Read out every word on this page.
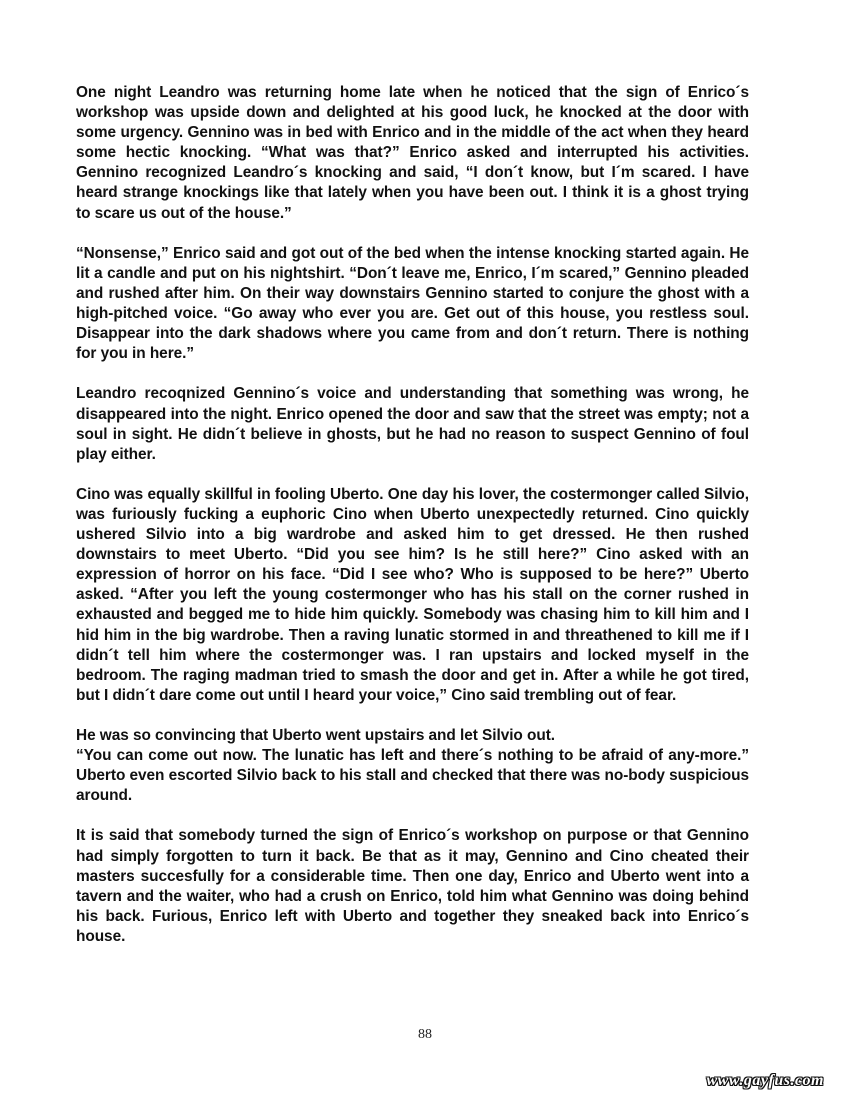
One night Leandro was returning home late when he noticed that the sign of Enrico´s workshop was upside down and delighted at his good luck, he knocked at the door with some urgency. Gennino was in bed with Enrico and in the middle of the act when they heard some hectic knocking. “What was that?” Enrico asked and interrupted his activities. Gennino recognized Leandro´s knocking and said, “I don´t know, but I´m scared. I have heard strange knockings like that lately when you have been out. I think it is a ghost trying to scare us out of the house.”

“Nonsense,” Enrico said and got out of the bed when the intense knocking started again. He lit a candle and put on his nightshirt. “Don´t leave me, Enrico, I´m scared,” Gennino pleaded and rushed after him. On their way downstairs Gennino started to conjure the ghost with a high-pitched voice. “Go away who ever you are. Get out of this house, you restless soul. Disappear into the dark shadows where you came from and don´t return. There is nothing for you in here.”

Leandro recoqnized Gennino´s voice and understanding that something was wrong, he disappeared into the night. Enrico opened the door and saw that the street was empty; not a soul in sight. He didn´t believe in ghosts, but he had no reason to suspect Gennino of foul play either.

Cino was equally skillful in fooling Uberto. One day his lover, the costermonger called Silvio, was furiously fucking a euphoric Cino when Uberto unexpectedly returned. Cino quickly ushered Silvio into a big wardrobe and asked him to get dressed. He then rushed downstairs to meet Uberto. “Did you see him? Is he still here?” Cino asked with an expression of horror on his face. “Did I see who? Who is supposed to be here?” Uberto asked. “After you left the young costermonger who has his stall on the corner rushed in exhausted and begged me to hide him quickly. Somebody was chasing him to kill him and I hid him in the big wardrobe. Then a raving lunatic stormed in and threathened to kill me if I didn´t tell him where the costermonger was. I ran upstairs and locked myself in the bedroom. The raging madman tried to smash the door and get in. After a while he got tired, but I didn´t dare come out until I heard your voice,” Cino said trembling out of fear.

He was so convincing that Uberto went upstairs and let Silvio out.

“You can come out now. The lunatic has left and there´s nothing to be afraid of any-more.” Uberto even escorted Silvio back to his stall and checked that there was no-body suspicious around.

It is said that somebody turned the sign of Enrico´s workshop on purpose or that Gennino had simply forgotten to turn it back. Be that as it may, Gennino and Cino cheated their masters succesfully for a considerable time. Then one day, Enrico and Uberto went into a tavern and the waiter, who had a crush on Enrico, told him what Gennino was doing behind his back. Furious, Enrico left with Uberto and together they sneaked back into Enrico´s house.

88
www.gayfus.com
